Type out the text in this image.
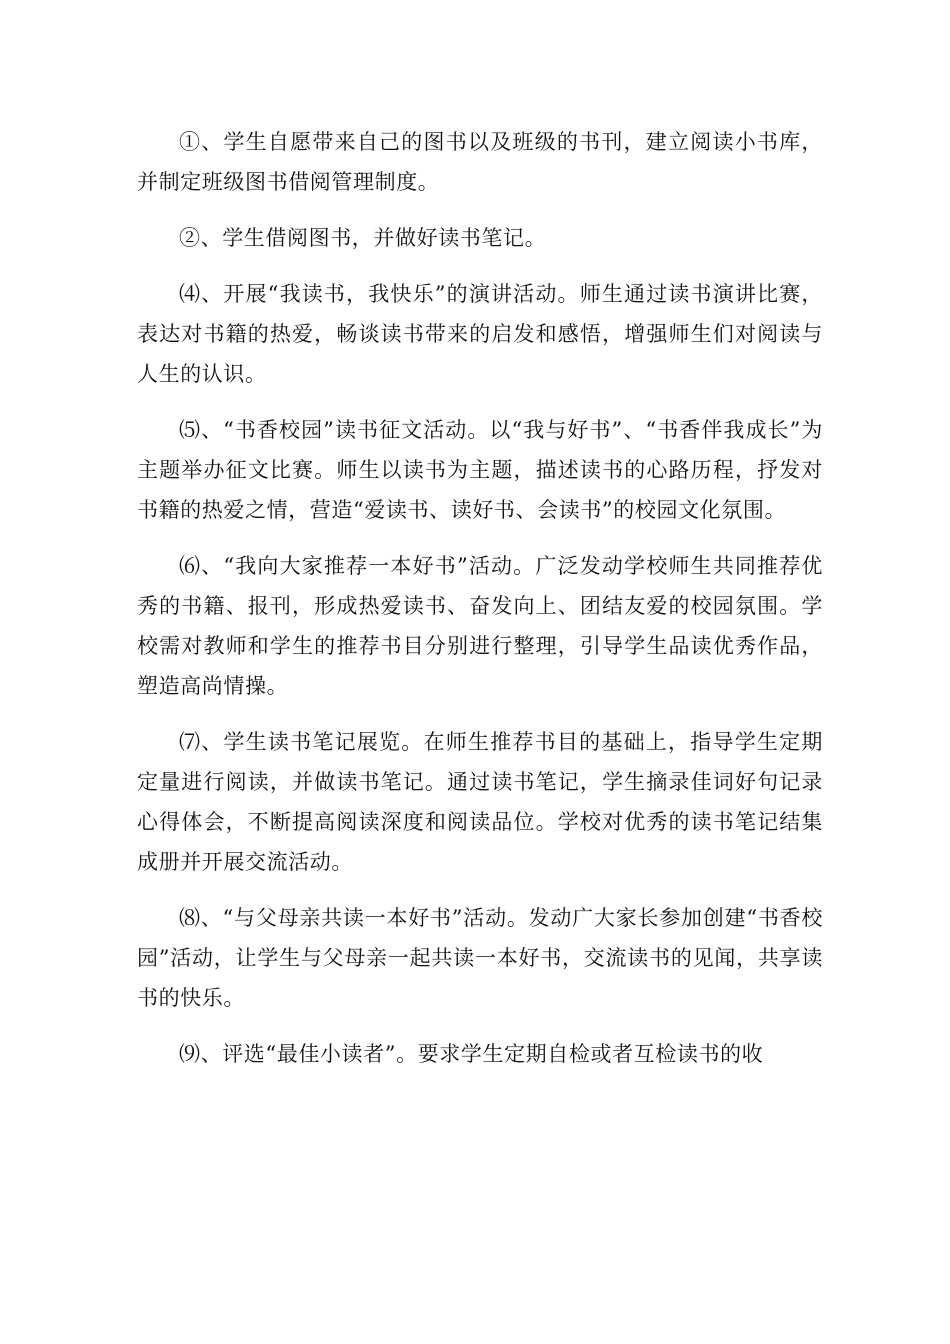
①、学生自愿带来自己的图书以及班级的书刊，建立阅读小书库，并制定班级图书借阅管理制度。

②、学生借阅图书，并做好读书笔记。

⑷、开展“我读书，我快乐”的演讲活动。师生通过读书演讲比赛，表达对书籍的热爱，畅谈读书带来的启发和感悟，增强师生们对阅读与人生的认识。

⑸、“书香校园”读书征文活动。以“我与好书”、“书香伴我成长”为主题举办征文比赛。师生以读书为主题，描述读书的心路历程，抒发对书籍的热爱之情，营造“爱读书、读好书、会读书”的校园文化氛围。

⑹、“我向大家推荐一本好书”活动。广泛发动学校师生共同推荐优秀的书籍、报刊，形成热爱读书、奋发向上、团结友爱的校园氛围。学校需对教师和学生的推荐书目分别进行整理，引导学生品读优秀作品，塑造高尚情操。

⑺、学生读书笔记展览。在师生推荐书目的基础上，指导学生定期定量进行阅读，并做读书笔记。通过读书笔记，学生摘录佳词好句记录心得体会，不断提高阅读深度和阅读品位。学校对优秀的读书笔记结集成册并开展交流活动。

⑻、“与父母亲共读一本好书”活动。发动广大家长参加创建“书香校园”活动，让学生与父母亲一起共读一本好书，交流读书的见闻，共享读书的快乐。

⑼、评选“最佳小读者”。要求学生定期自检或者互检读书的收
